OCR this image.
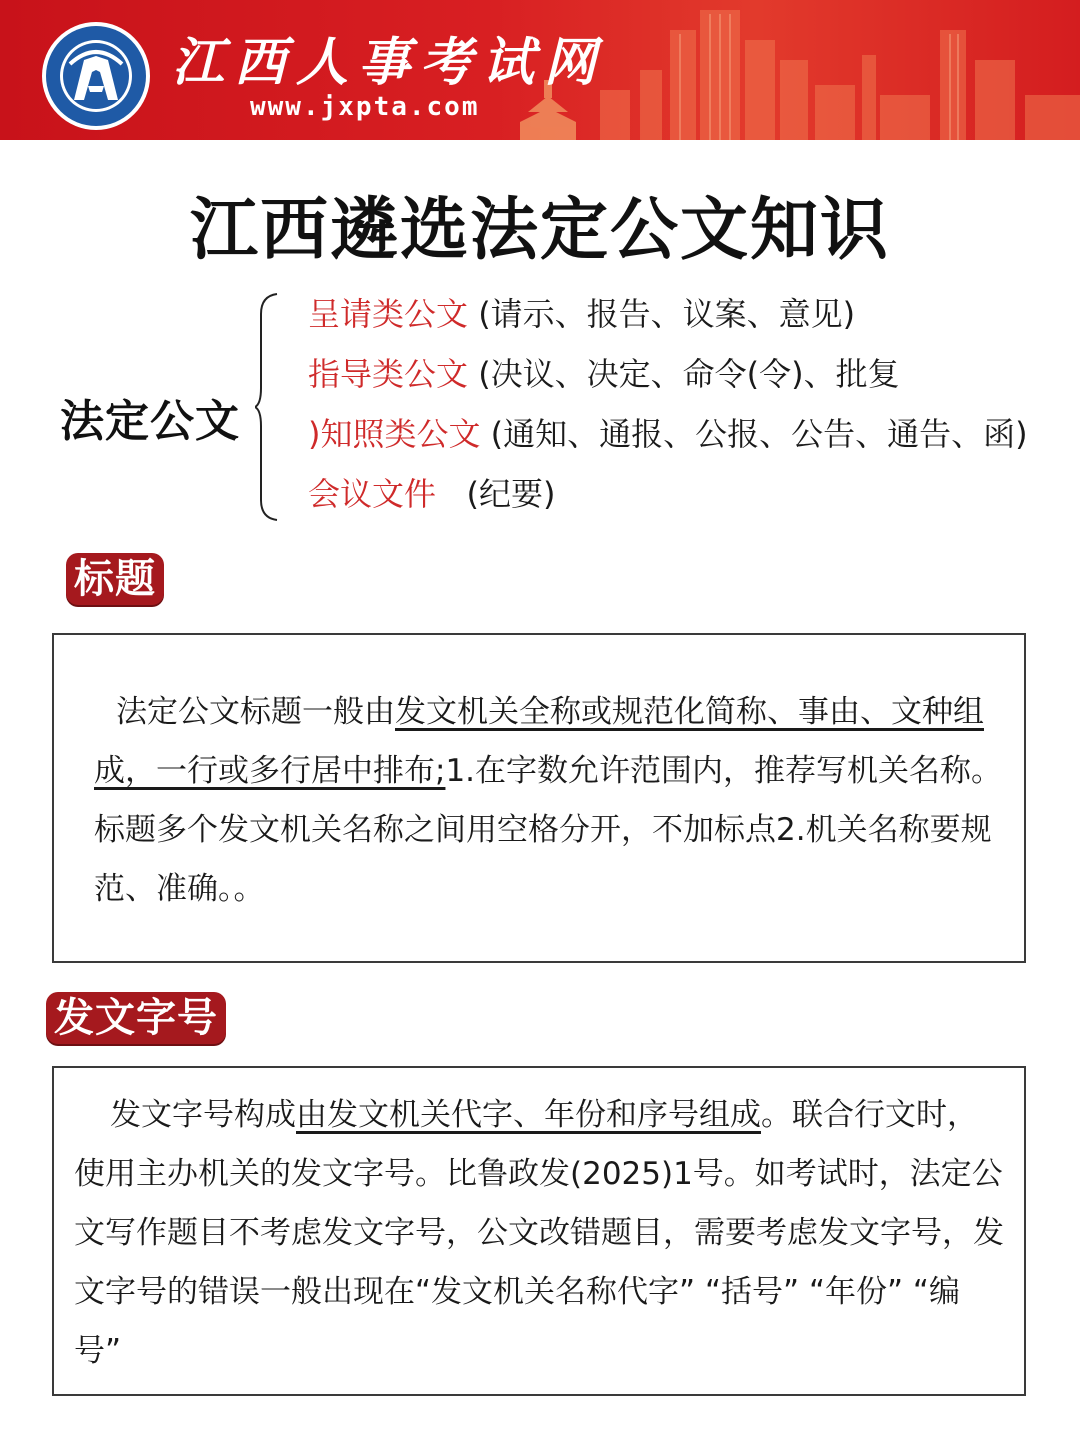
江西人事考试网
www.jxpta.com
江西遴选法定公文知识
法定公文
呈请类公文 (请示、报告、议案、意见)
指导类公文 (决议、决定、命令(令)、批复
)知照类公文 (通知、通报、公报、公告、通告、函)
会议文件   (纪要)
标题
法定公文标题一般由发文机关全称或规范化简称、事由、文种组成，一行或多行居中排布;1.在字数允许范围内，推荐写机关名称。标题多个发文机关名称之间用空格分开，不加标点2.机关名称要规范、准确。。
发文字号
发文字号构成由发文机关代字、年份和序号组成。联合行文时，使用主办机关的发文字号。比鲁政发(2025)1号。如考试时，法定公文写作题目不考虑发文字号，公文改错题目，需要考虑发文字号，发文字号的错误一般出现在“发文机关名称代字” “括号” “年份” “编号”
